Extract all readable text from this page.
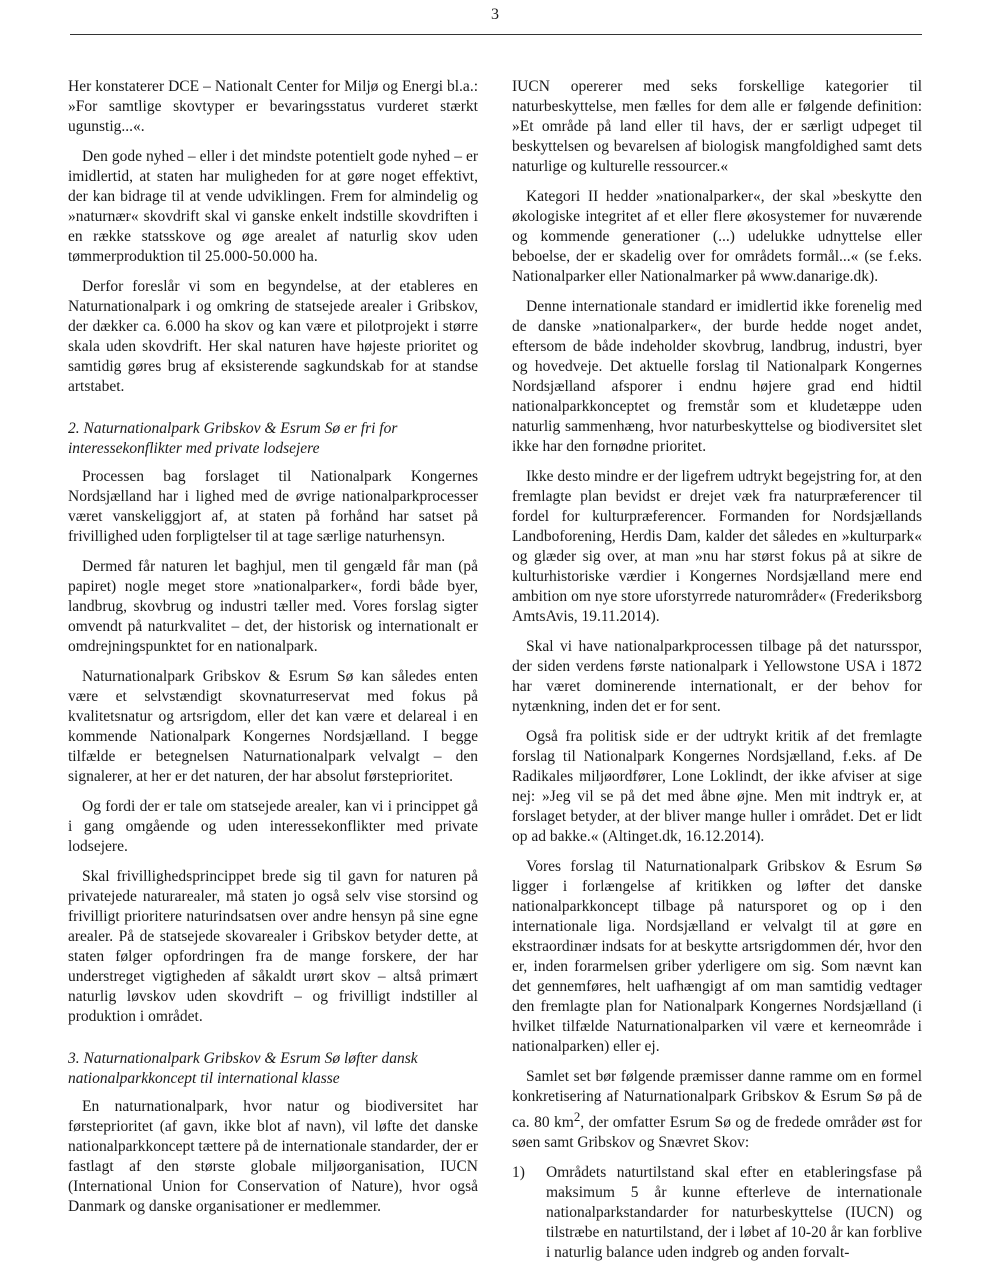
3

Her konstaterer DCE – Nationalt Center for Miljø og Energi bl.a.: »For samtlige skovtyper er bevaringsstatus vurderet stærkt ugunstig...«.

Den gode nyhed – eller i det mindste potentielt gode nyhed – er imidlertid, at staten har muligheden for at gøre noget effektivt, der kan bidrage til at vende udviklingen. Frem for almindelig og »naturnær« skovdrift skal vi ganske enkelt indstille skovdriften i en række statsskove og øge arealet af naturlig skov uden tømmerproduktion til 25.000-50.000 ha.

Derfor foreslår vi som en begyndelse, at der etableres en Naturnationalpark i og omkring de statsejede arealer i Gribskov, der dækker ca. 6.000 ha skov og kan være et pilotprojekt i større skala uden skovdrift. Her skal naturen have højeste prioritet og samtidig gøres brug af eksisterende sagkundskab for at standse artstabet.

2. Naturnationalpark Gribskov & Esrum Sø er fri for interessekonflikter med private lodsejere

Processen bag forslaget til Nationalpark Kongernes Nordsjælland har i lighed med de øvrige nationalparkprocesser været vanskeliggjort af, at staten på forhånd har satset på frivillighed uden forpligtelser til at tage særlige naturhensyn.

Dermed får naturen let baghjul, men til gengæld får man (på papiret) nogle meget store »nationalparker«, fordi både byer, landbrug, skovbrug og industri tæller med. Vores forslag sigter omvendt på naturkvalitet – det, der historisk og internationalt er omdrejningspunktet for en nationalpark.

Naturnationalpark Gribskov & Esrum Sø kan således enten være et selvstændigt skovnaturreservat med fokus på kvalitetsnatur og artsrigdom, eller det kan være et delareal i en kommende Nationalpark Kongernes Nordsjælland. I begge tilfælde er betegnelsen Naturnationalpark velvalgt – den signalerer, at her er det naturen, der har absolut førsteprioritet.

Og fordi der er tale om statsejede arealer, kan vi i princippet gå i gang omgående og uden interessekonflikter med private lodsejere.

Skal frivillighedsprincippet brede sig til gavn for naturen på privatejede naturarealer, må staten jo også selv vise storsind og frivilligt prioritere naturindsatsen over andre hensyn på sine egne arealer. På de statsejede skovarealer i Gribskov betyder dette, at staten følger opfordringen fra de mange forskere, der har understreget vigtigheden af såkaldt urørt skov – altså primært naturlig løvskov uden skovdrift – og frivilligt indstiller al produktion i området.

3. Naturnationalpark Gribskov & Esrum Sø løfter dansk nationalparkkoncept til international klasse

En naturnationalpark, hvor natur og biodiversitet har førsteprioritet (af gavn, ikke blot af navn), vil løfte det danske nationalparkkoncept tættere på de internationale standarder, der er fastlagt af den største globale miljøorganisation, IUCN (International Union for Conservation of Nature), hvor også Danmark og danske organisationer er medlemmer.

IUCN opererer med seks forskellige kategorier til naturbeskyttelse, men fælles for dem alle er følgende definition: »Et område på land eller til havs, der er særligt udpeget til beskyttelsen og bevarelsen af biologisk mangfoldighed samt dets naturlige og kulturelle ressourcer.«

Kategori II hedder »nationalparker«, der skal »beskytte den økologiske integritet af et eller flere økosystemer for nuværende og kommende generationer (...) udelukke udnyttelse eller beboelse, der er skadelig over for områdets formål...« (se f.eks. Nationalparker eller Nationalmarker på www.danarige.dk).

Denne internationale standard er imidlertid ikke forenelig med de danske »nationalparker«, der burde hedde noget andet, eftersom de både indeholder skovbrug, landbrug, industri, byer og hovedveje. Det aktuelle forslag til Nationalpark Kongernes Nordsjælland afsporer i endnu højere grad end hidtil nationalparkkonceptet og fremstår som et kludetæppe uden naturlig sammenhæng, hvor naturbeskyttelse og biodiversitet slet ikke har den fornødne prioritet.

Ikke desto mindre er der ligefrem udtrykt begejstring for, at den fremlagte plan bevidst er drejet væk fra naturpræferencer til fordel for kulturpræferencer. Formanden for Nordsjællands Landboforening, Herdis Dam, kalder det således en »kulturpark« og glæder sig over, at man »nu har størst fokus på at sikre de kulturhistoriske værdier i Kongernes Nordsjælland mere end ambition om nye store uforstyrrede naturområder« (Frederiksborg AmtsAvis, 19.11.2014).

Skal vi have nationalparkprocessen tilbage på det natursspor, der siden verdens første nationalpark i Yellowstone USA i 1872 har været dominerende internationalt, er der behov for nytænkning, inden det er for sent.

Også fra politisk side er der udtrykt kritik af det fremlagte forslag til Nationalpark Kongernes Nordsjælland, f.eks. af De Radikales miljøordfører, Lone Loklindt, der ikke afviser at sige nej: »Jeg vil se på det med åbne øjne. Men mit indtryk er, at forslaget betyder, at der bliver mange huller i området. Det er lidt op ad bakke.« (Altinget.dk, 16.12.2014).

Vores forslag til Naturnationalpark Gribskov & Esrum Sø ligger i forlængelse af kritikken og løfter det danske nationalparkkoncept tilbage på natursporet og op i den internationale liga. Nordsjælland er velvalgt til at gøre en ekstraordinær indsats for at beskytte artsrigdommen dér, hvor den er, inden forarmelsen griber yderligere om sig. Som nævnt kan det gennemføres, helt uafhængigt af om man samtidig vedtager den fremlagte plan for Nationalpark Kongernes Nordsjælland (i hvilket tilfælde Naturnationalparken vil være et kerneområde i nationalparken) eller ej.

Samlet set bør følgende præmisser danne ramme om en formel konkretisering af Naturnationalpark Gribskov & Esrum Sø på de ca. 80 $km^2$, der omfatter Esrum Sø og de fredede områder øst for søen samt Gribskov og Snævret Skov:

1)	Områdets naturtilstand skal efter en etableringsfase på maksimum 5 år kunne efterleve de internationale nationalparkstandarder for naturbeskyttelse (IUCN) og tilstræbe en naturtilstand, der i løbet af 10-20 år kan forblive i naturlig balance uden indgreb og anden forvalt-
